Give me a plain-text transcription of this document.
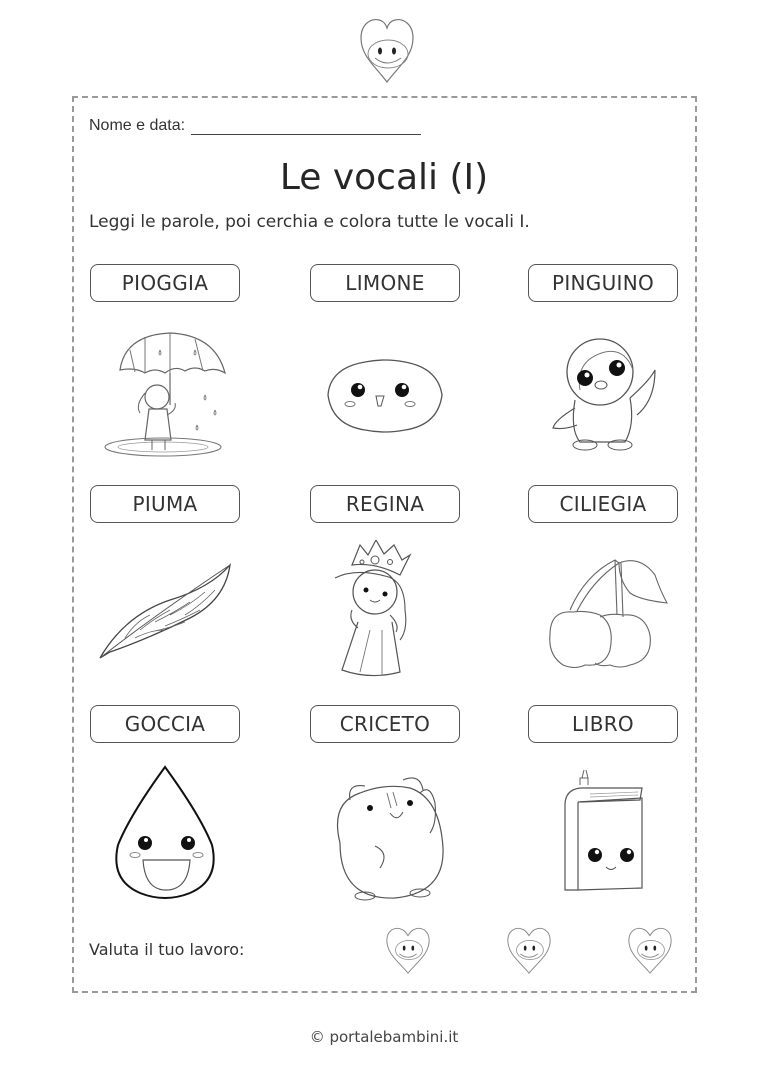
Nome e data:
Le vocali (I)
Leggi le parole, poi cerchia e colora tutte le vocali I.
PIOGGIA	LIMONE	PINGUINO
PIUMA	REGINA	CILIEGIA
GOCCIA	CRICETO	LIBRO
Valuta il tuo lavoro:
© portalebambini.it
